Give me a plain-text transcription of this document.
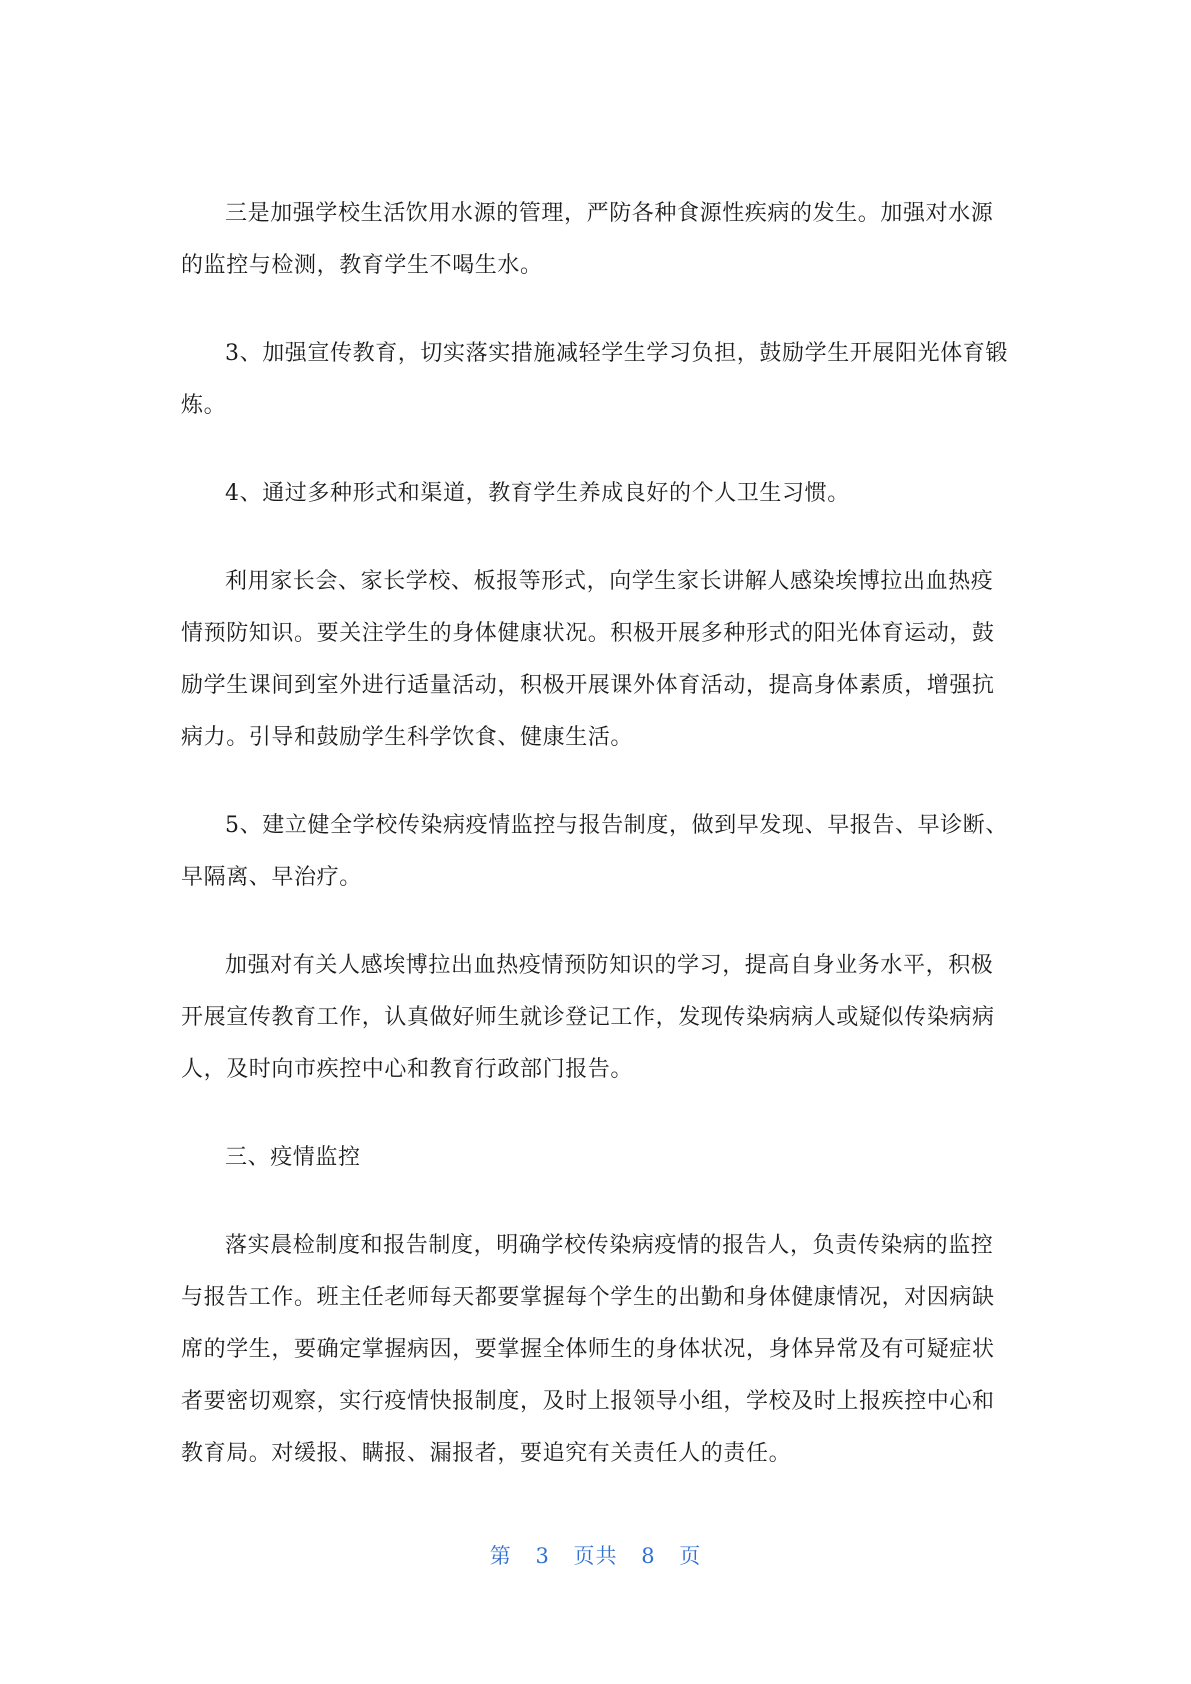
三是加强学校生活饮用水源的管理，严防各种食源性疾病的发生。加强对水源的监控与检测，教育学生不喝生水。

3、加强宣传教育，切实落实措施减轻学生学习负担，鼓励学生开展阳光体育锻炼。

4、通过多种形式和渠道，教育学生养成良好的个人卫生习惯。

利用家长会、家长学校、板报等形式，向学生家长讲解人感染埃博拉出血热疫情预防知识。要关注学生的身体健康状况。积极开展多种形式的阳光体育运动，鼓励学生课间到室外进行适量活动，积极开展课外体育活动，提高身体素质，增强抗病力。引导和鼓励学生科学饮食、健康生活。

5、建立健全学校传染病疫情监控与报告制度，做到早发现、早报告、早诊断、早隔离、早治疗。

加强对有关人感埃博拉出血热疫情预防知识的学习，提高自身业务水平，积极开展宣传教育工作，认真做好师生就诊登记工作，发现传染病病人或疑似传染病病人，及时向市疾控中心和教育行政部门报告。

三、疫情监控

落实晨检制度和报告制度，明确学校传染病疫情的报告人，负责传染病的监控与报告工作。班主任老师每天都要掌握每个学生的出勤和身体健康情况，对因病缺席的学生，要确定掌握病因，要掌握全体师生的身体状况，身体异常及有可疑症状者要密切观察，实行疫情快报制度，及时上报领导小组，学校及时上报疾控中心和教育局。对缓报、瞒报、漏报者，要追究有关责任人的责任。

第 3 页共 8 页
